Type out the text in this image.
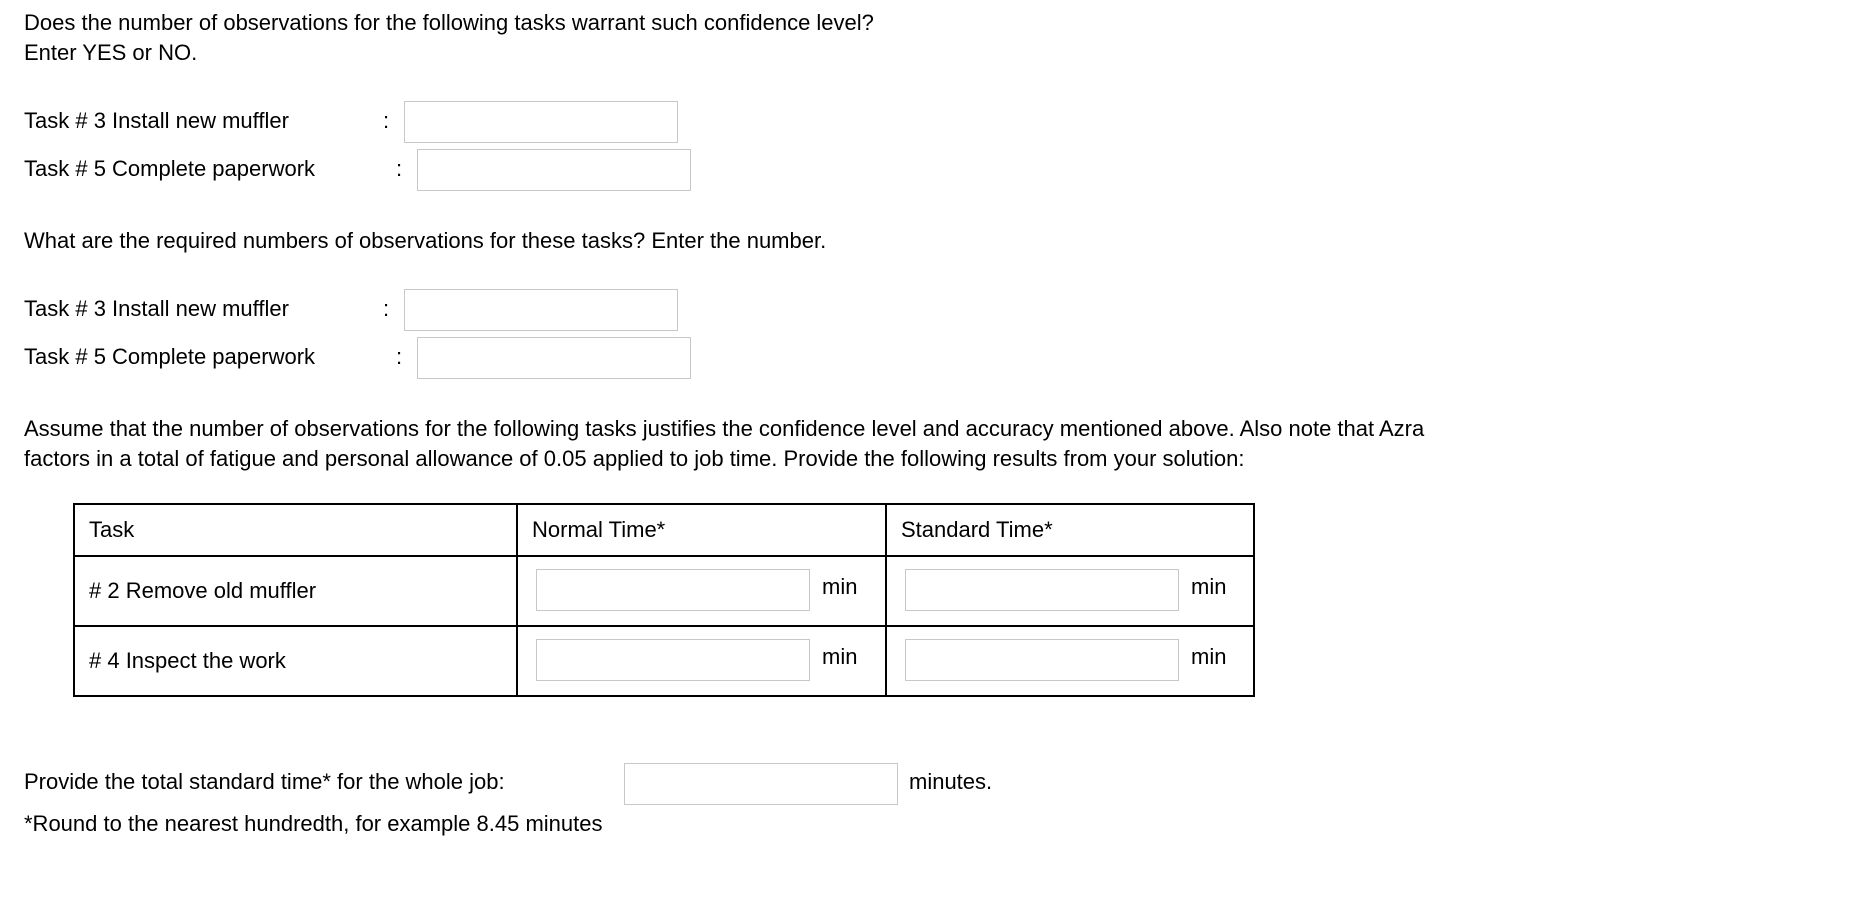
Does the number of observations for the following tasks warrant such confidence level?
Enter YES or NO.
Task # 3 Install new muffler	:
Task # 5 Complete paperwork	:
What are the required numbers of observations for these tasks? Enter the number.
Task # 3 Install new muffler	:
Task # 5 Complete paperwork	:
Assume that the number of observations for the following tasks justifies the confidence level and accuracy mentioned above. Also note that Azra
factors in a total of fatigue and personal allowance of 0.05 applied to job time. Provide the following results from your solution:
Task	Normal Time*	Standard Time*
# 2 Remove old muffler	min	min

# 4 Inspect the work	min	min
Provide the total standard time* for the whole job:	minutes.
*Round to the nearest hundredth, for example 8.45 minutes
